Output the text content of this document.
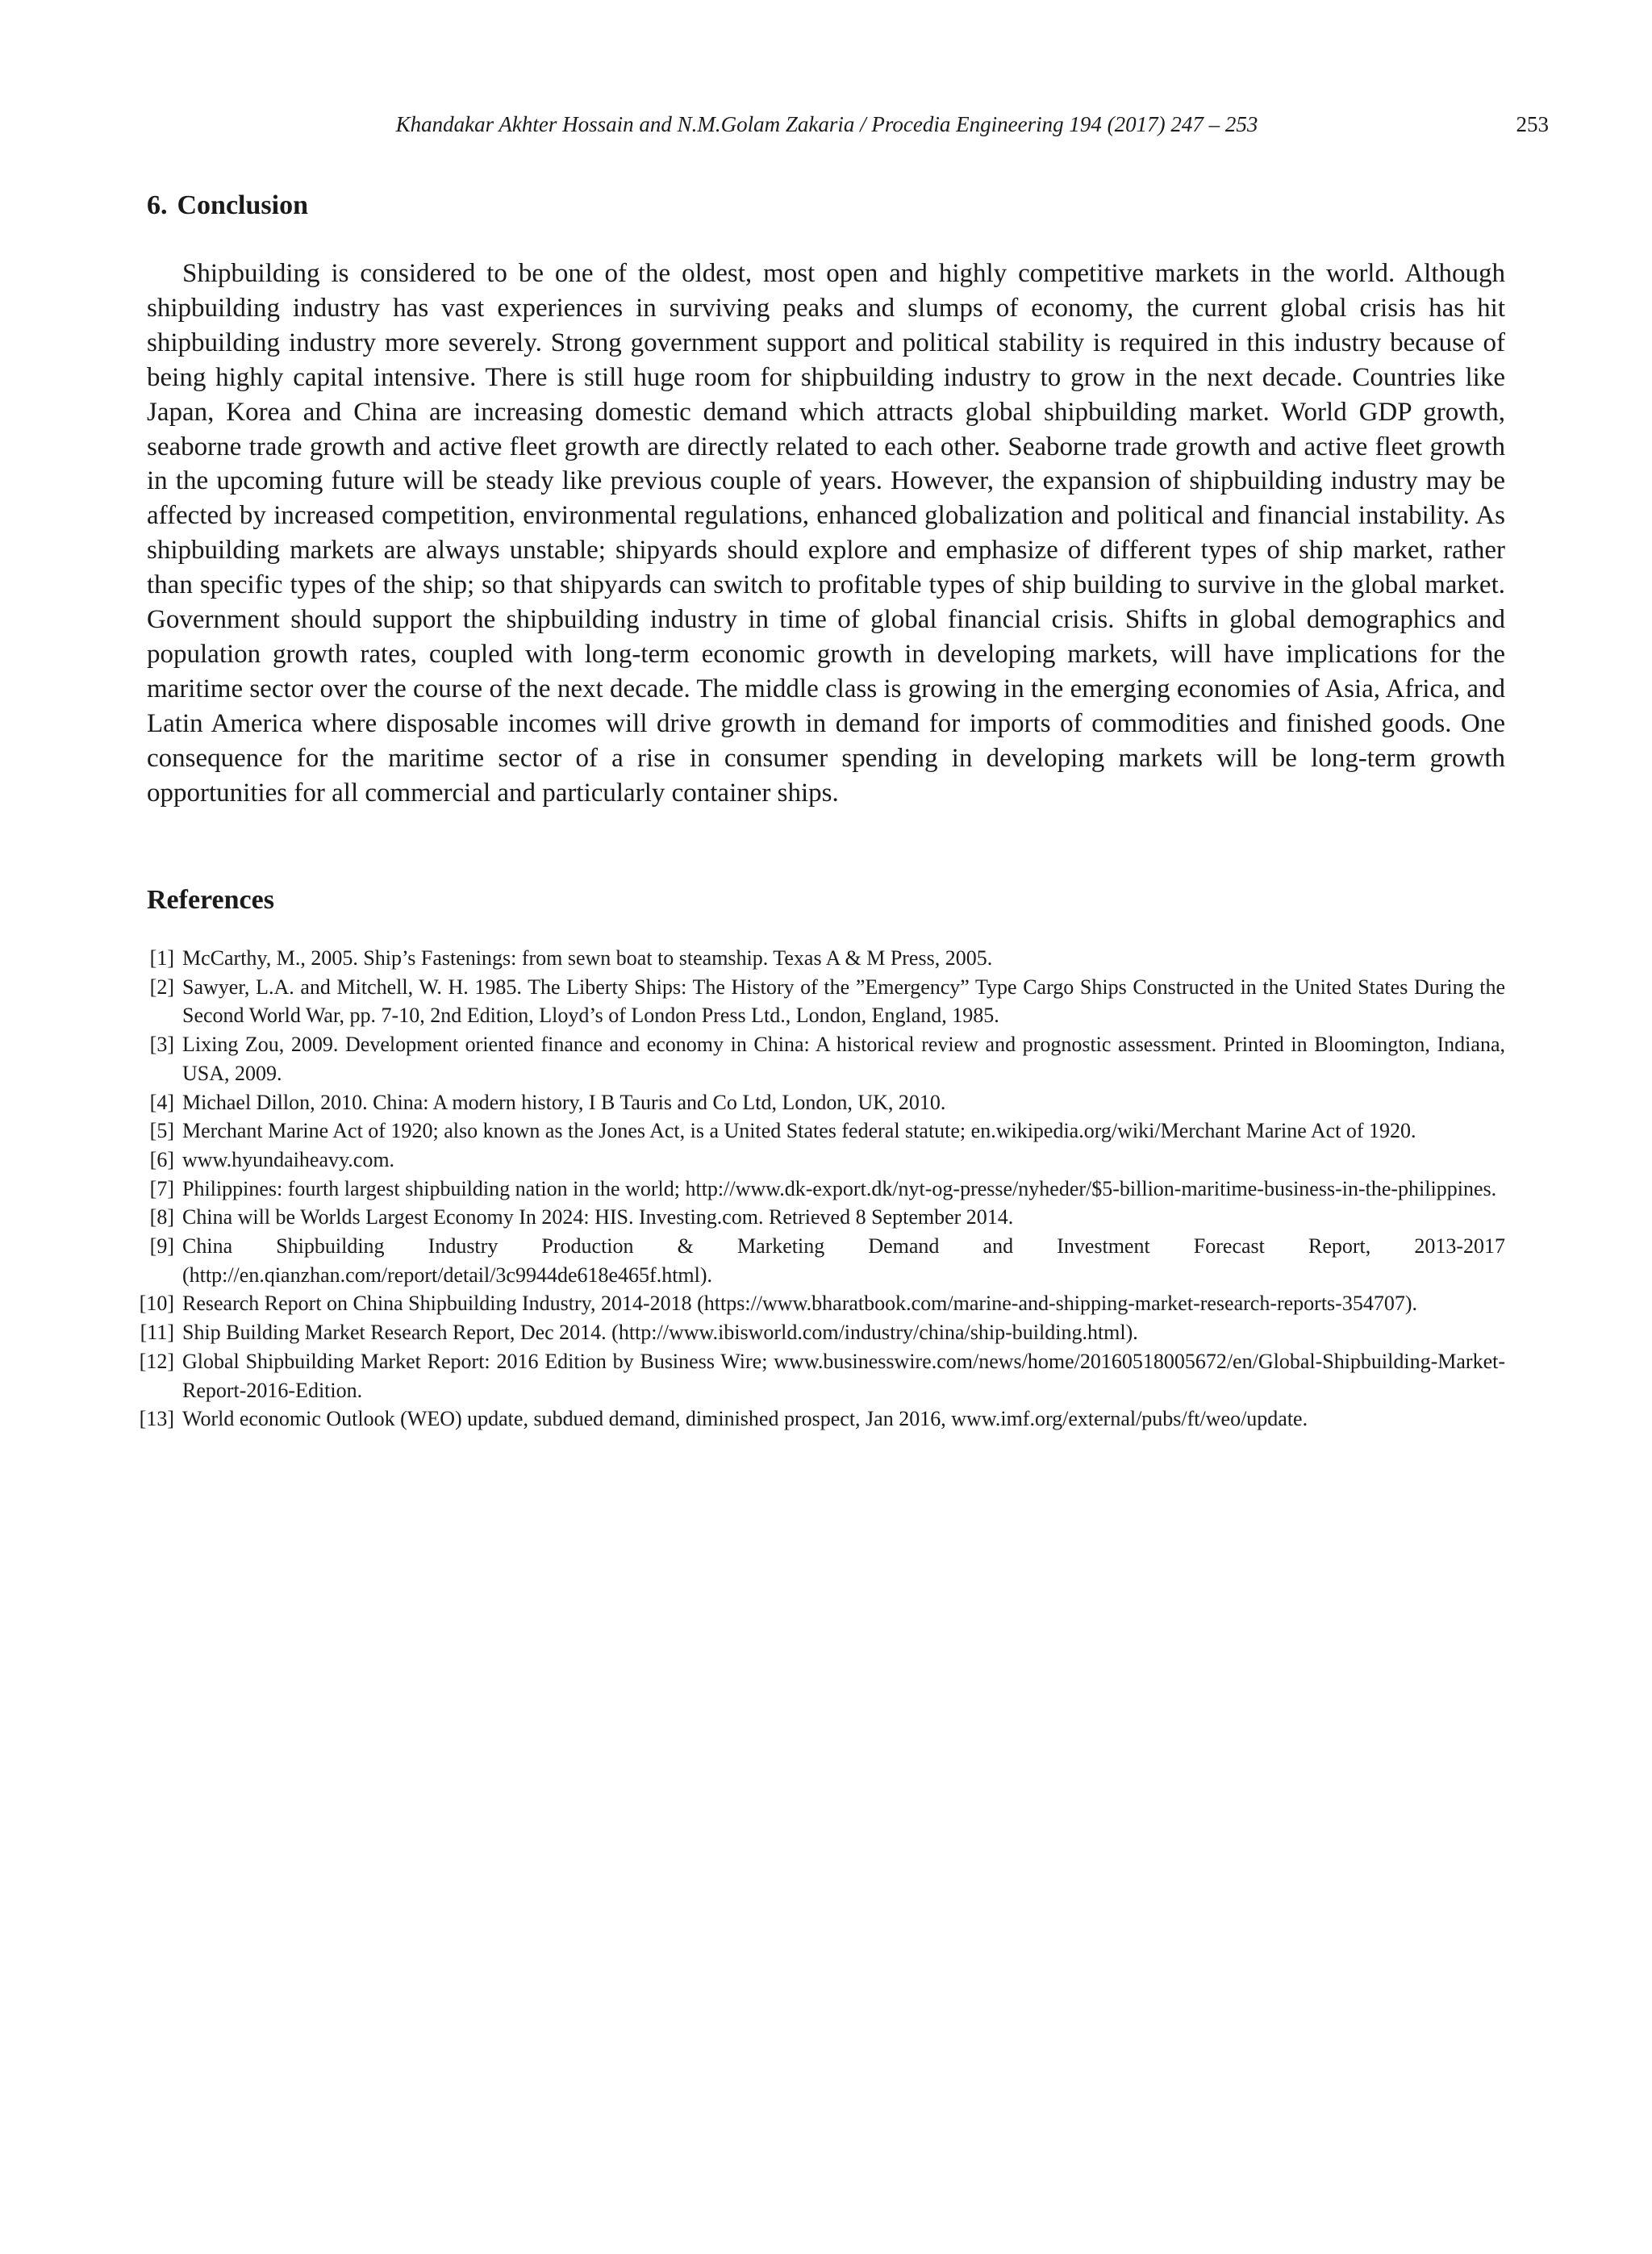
Khandakar Akhter Hossain and N.M.Golam Zakaria / Procedia Engineering 194 (2017) 247 – 253	253
6. Conclusion

Shipbuilding is considered to be one of the oldest, most open and highly competitive markets in the world. Although shipbuilding industry has vast experiences in surviving peaks and slumps of economy, the current global crisis has hit shipbuilding industry more severely. Strong government support and political stability is required in this industry because of being highly capital intensive. There is still huge room for shipbuilding industry to grow in the next decade. Countries like Japan, Korea and China are increasing domestic demand which attracts global shipbuilding market. World GDP growth, seaborne trade growth and active fleet growth are directly related to each other. Seaborne trade growth and active fleet growth in the upcoming future will be steady like previous couple of years. However, the expansion of shipbuilding industry may be affected by increased competition, environmental regulations, enhanced globalization and political and financial instability. As shipbuilding markets are always unstable; shipyards should explore and emphasize of different types of ship market, rather than specific types of the ship; so that shipyards can switch to profitable types of ship building to survive in the global market. Government should support the shipbuilding industry in time of global financial crisis. Shifts in global demographics and population growth rates, coupled with long-term economic growth in developing markets, will have implications for the maritime sector over the course of the next decade. The middle class is growing in the emerging economies of Asia, Africa, and Latin America where disposable incomes will drive growth in demand for imports of commodities and finished goods. One consequence for the maritime sector of a rise in consumer spending in developing markets will be long-term growth opportunities for all commercial and particularly container ships.

References
[1] McCarthy, M., 2005. Ship’s Fastenings: from sewn boat to steamship. Texas A & M Press, 2005.
[2] Sawyer, L.A. and Mitchell, W. H. 1985. The Liberty Ships: The History of the ”Emergency” Type Cargo Ships Constructed in the United States During the Second World War, pp. 7-10, 2nd Edition, Lloyd’s of London Press Ltd., London, England, 1985.
[3] Lixing Zou, 2009. Development oriented finance and economy in China: A historical review and prognostic assessment. Printed in Bloomington, Indiana, USA, 2009.
[4] Michael Dillon, 2010. China: A modern history, I B Tauris and Co Ltd, London, UK, 2010.
[5] Merchant Marine Act of 1920; also known as the Jones Act, is a United States federal statute; en.wikipedia.org/wiki/Merchant Marine Act of 1920.
[6] www.hyundaiheavy.com.
[7] Philippines: fourth largest shipbuilding nation in the world; http://www.dk-export.dk/nyt-og-presse/nyheder/$5-billion-maritime-business-in-the-philippines.
[8] China will be Worlds Largest Economy In 2024: HIS. Investing.com. Retrieved 8 September 2014.
[9] China Shipbuilding Industry Production & Marketing Demand and Investment Forecast Report, 2013-2017 (http://en.qianzhan.com/report/detail/3c9944de618e465f.html).
[10] Research Report on China Shipbuilding Industry, 2014-2018 (https://www.bharatbook.com/marine-and-shipping-market-research-reports-354707).
[11] Ship Building Market Research Report, Dec 2014. (http://www.ibisworld.com/industry/china/ship-building.html).
[12] Global Shipbuilding Market Report: 2016 Edition by Business Wire; www.businesswire.com/news/home/20160518005672/en/Global-Shipbuilding-Market-Report-2016-Edition.
[13] World economic Outlook (WEO) update, subdued demand, diminished prospect, Jan 2016, www.imf.org/external/pubs/ft/weo/update.
